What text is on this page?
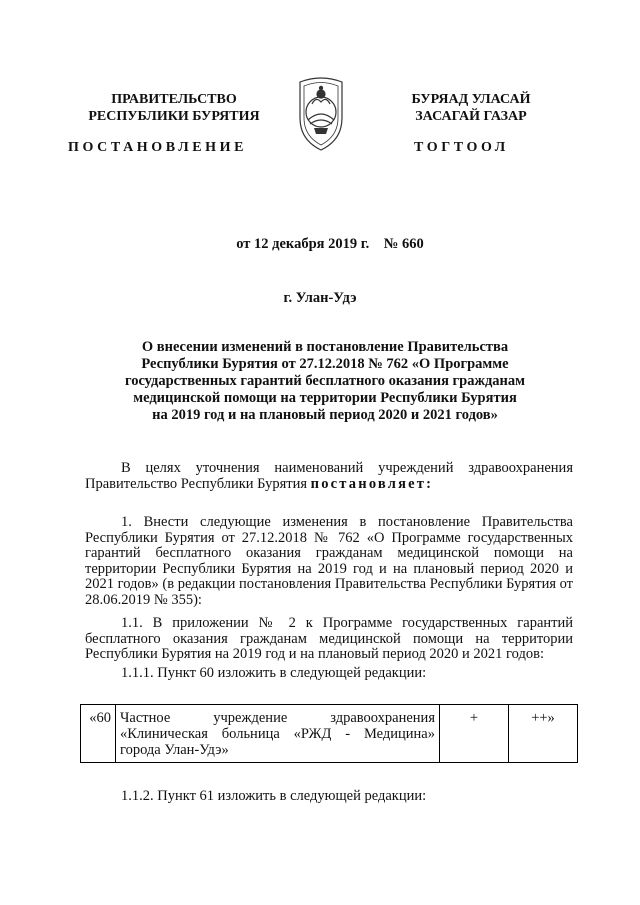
ПРАВИТЕЛЬСТВО
РЕСПУБЛИКИ БУРЯТИЯ
БУРЯАД УЛАСАЙ
ЗАСАГАЙ ГАЗАР
ПОСТАНОВЛЕНИЕ	ТОГТООЛ
от 12 декабря 2019 г.    № 660
г. Улан-Удэ
О внесении изменений в постановление Правительства
Республики Бурятия от 27.12.2018 № 762 «О Программе
государственных гарантий бесплатного оказания гражданам
медицинской помощи на территории Республики Бурятия
на 2019 год и на плановый период 2020 и 2021 годов»
В целях уточнения наименований учреждений здравоохранения Правительство Республики Бурятия постановляет:
1. Внести следующие изменения в постановление Правительства Республики Бурятия от 27.12.2018 № 762 «О Программе государственных гарантий бесплатного оказания гражданам медицинской помощи на территории Республики Бурятия на 2019 год и на плановый период 2020 и 2021 годов» (в редакции постановления Правительства Республики Бурятия от 28.06.2019 № 355):
1.1. В приложении № 2 к Программе государственных гарантий бесплатного оказания гражданам медицинской помощи на территории Республики Бурятия на 2019 год и на плановый период 2020 и 2021 годов:
1.1.1. Пункт 60 изложить в следующей редакции:
«60	Частное учреждение здравоохранения «Клиническая больница «РЖД - Медицина» города Улан-Удэ»	+	++»
1.1.2. Пункт 61 изложить в следующей редакции:
